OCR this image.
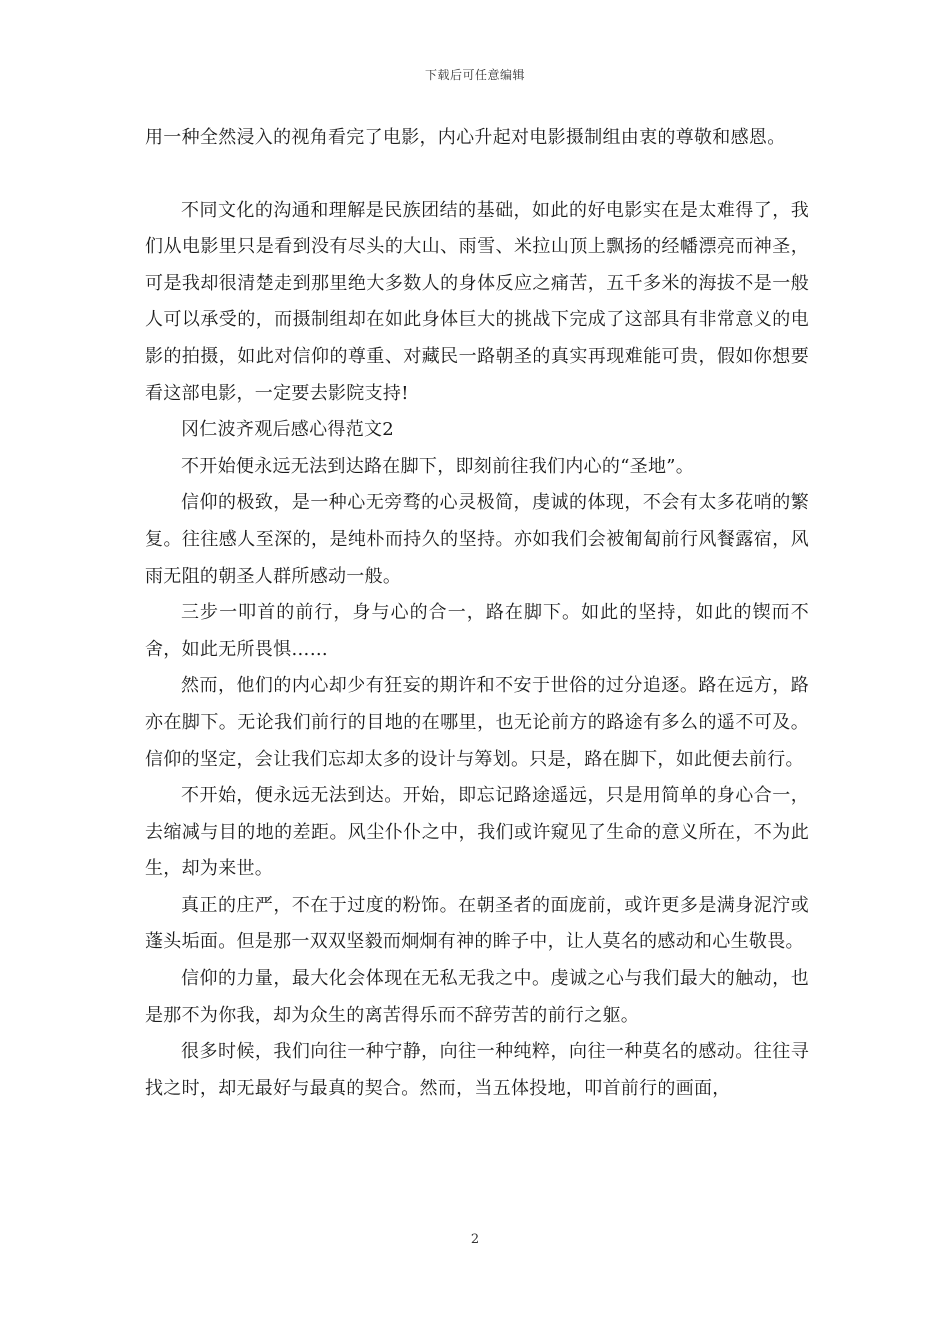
下载后可任意编辑

用一种全然浸入的视角看完了电影，内心升起对电影摄制组由衷的尊敬和感恩。

不同文化的沟通和理解是民族团结的基础，如此的好电影实在是太难得了，我们从电影里只是看到没有尽头的大山、雨雪、米拉山顶上飘扬的经幡漂亮而神圣，可是我却很清楚走到那里绝大多数人的身体反应之痛苦，五千多米的海拔不是一般人可以承受的，而摄制组却在如此身体巨大的挑战下完成了这部具有非常意义的电影的拍摄，如此对信仰的尊重、对藏民一路朝圣的真实再现难能可贵，假如你想要看这部电影，一定要去影院支持!

冈仁波齐观后感心得范文2

不开始便永远无法到达路在脚下，即刻前往我们内心的“圣地”。

信仰的极致，是一种心无旁骛的心灵极简，虔诚的体现，不会有太多花哨的繁复。往往感人至深的，是纯朴而持久的坚持。亦如我们会被匍匐前行风餐露宿，风雨无阻的朝圣人群所感动一般。

三步一叩首的前行，身与心的合一，路在脚下。如此的坚持，如此的锲而不舍，如此无所畏惧……

然而，他们的内心却少有狂妄的期许和不安于世俗的过分追逐。路在远方，路亦在脚下。无论我们前行的目地的在哪里，也无论前方的路途有多么的遥不可及。信仰的坚定，会让我们忘却太多的设计与筹划。只是，路在脚下，如此便去前行。

不开始，便永远无法到达。开始，即忘记路途遥远，只是用简单的身心合一，去缩减与目的地的差距。风尘仆仆之中，我们或许窥见了生命的意义所在，不为此生，却为来世。

真正的庄严，不在于过度的粉饰。在朝圣者的面庞前，或许更多是满身泥泞或蓬头垢面。但是那一双双坚毅而炯炯有神的眸子中，让人莫名的感动和心生敬畏。

信仰的力量，最大化会体现在无私无我之中。虔诚之心与我们最大的触动，也是那不为你我，却为众生的离苦得乐而不辞劳苦的前行之躯。

很多时候，我们向往一种宁静，向往一种纯粹，向往一种莫名的感动。往往寻找之时，却无最好与最真的契合。然而，当五体投地，叩首前行的画面，

2
